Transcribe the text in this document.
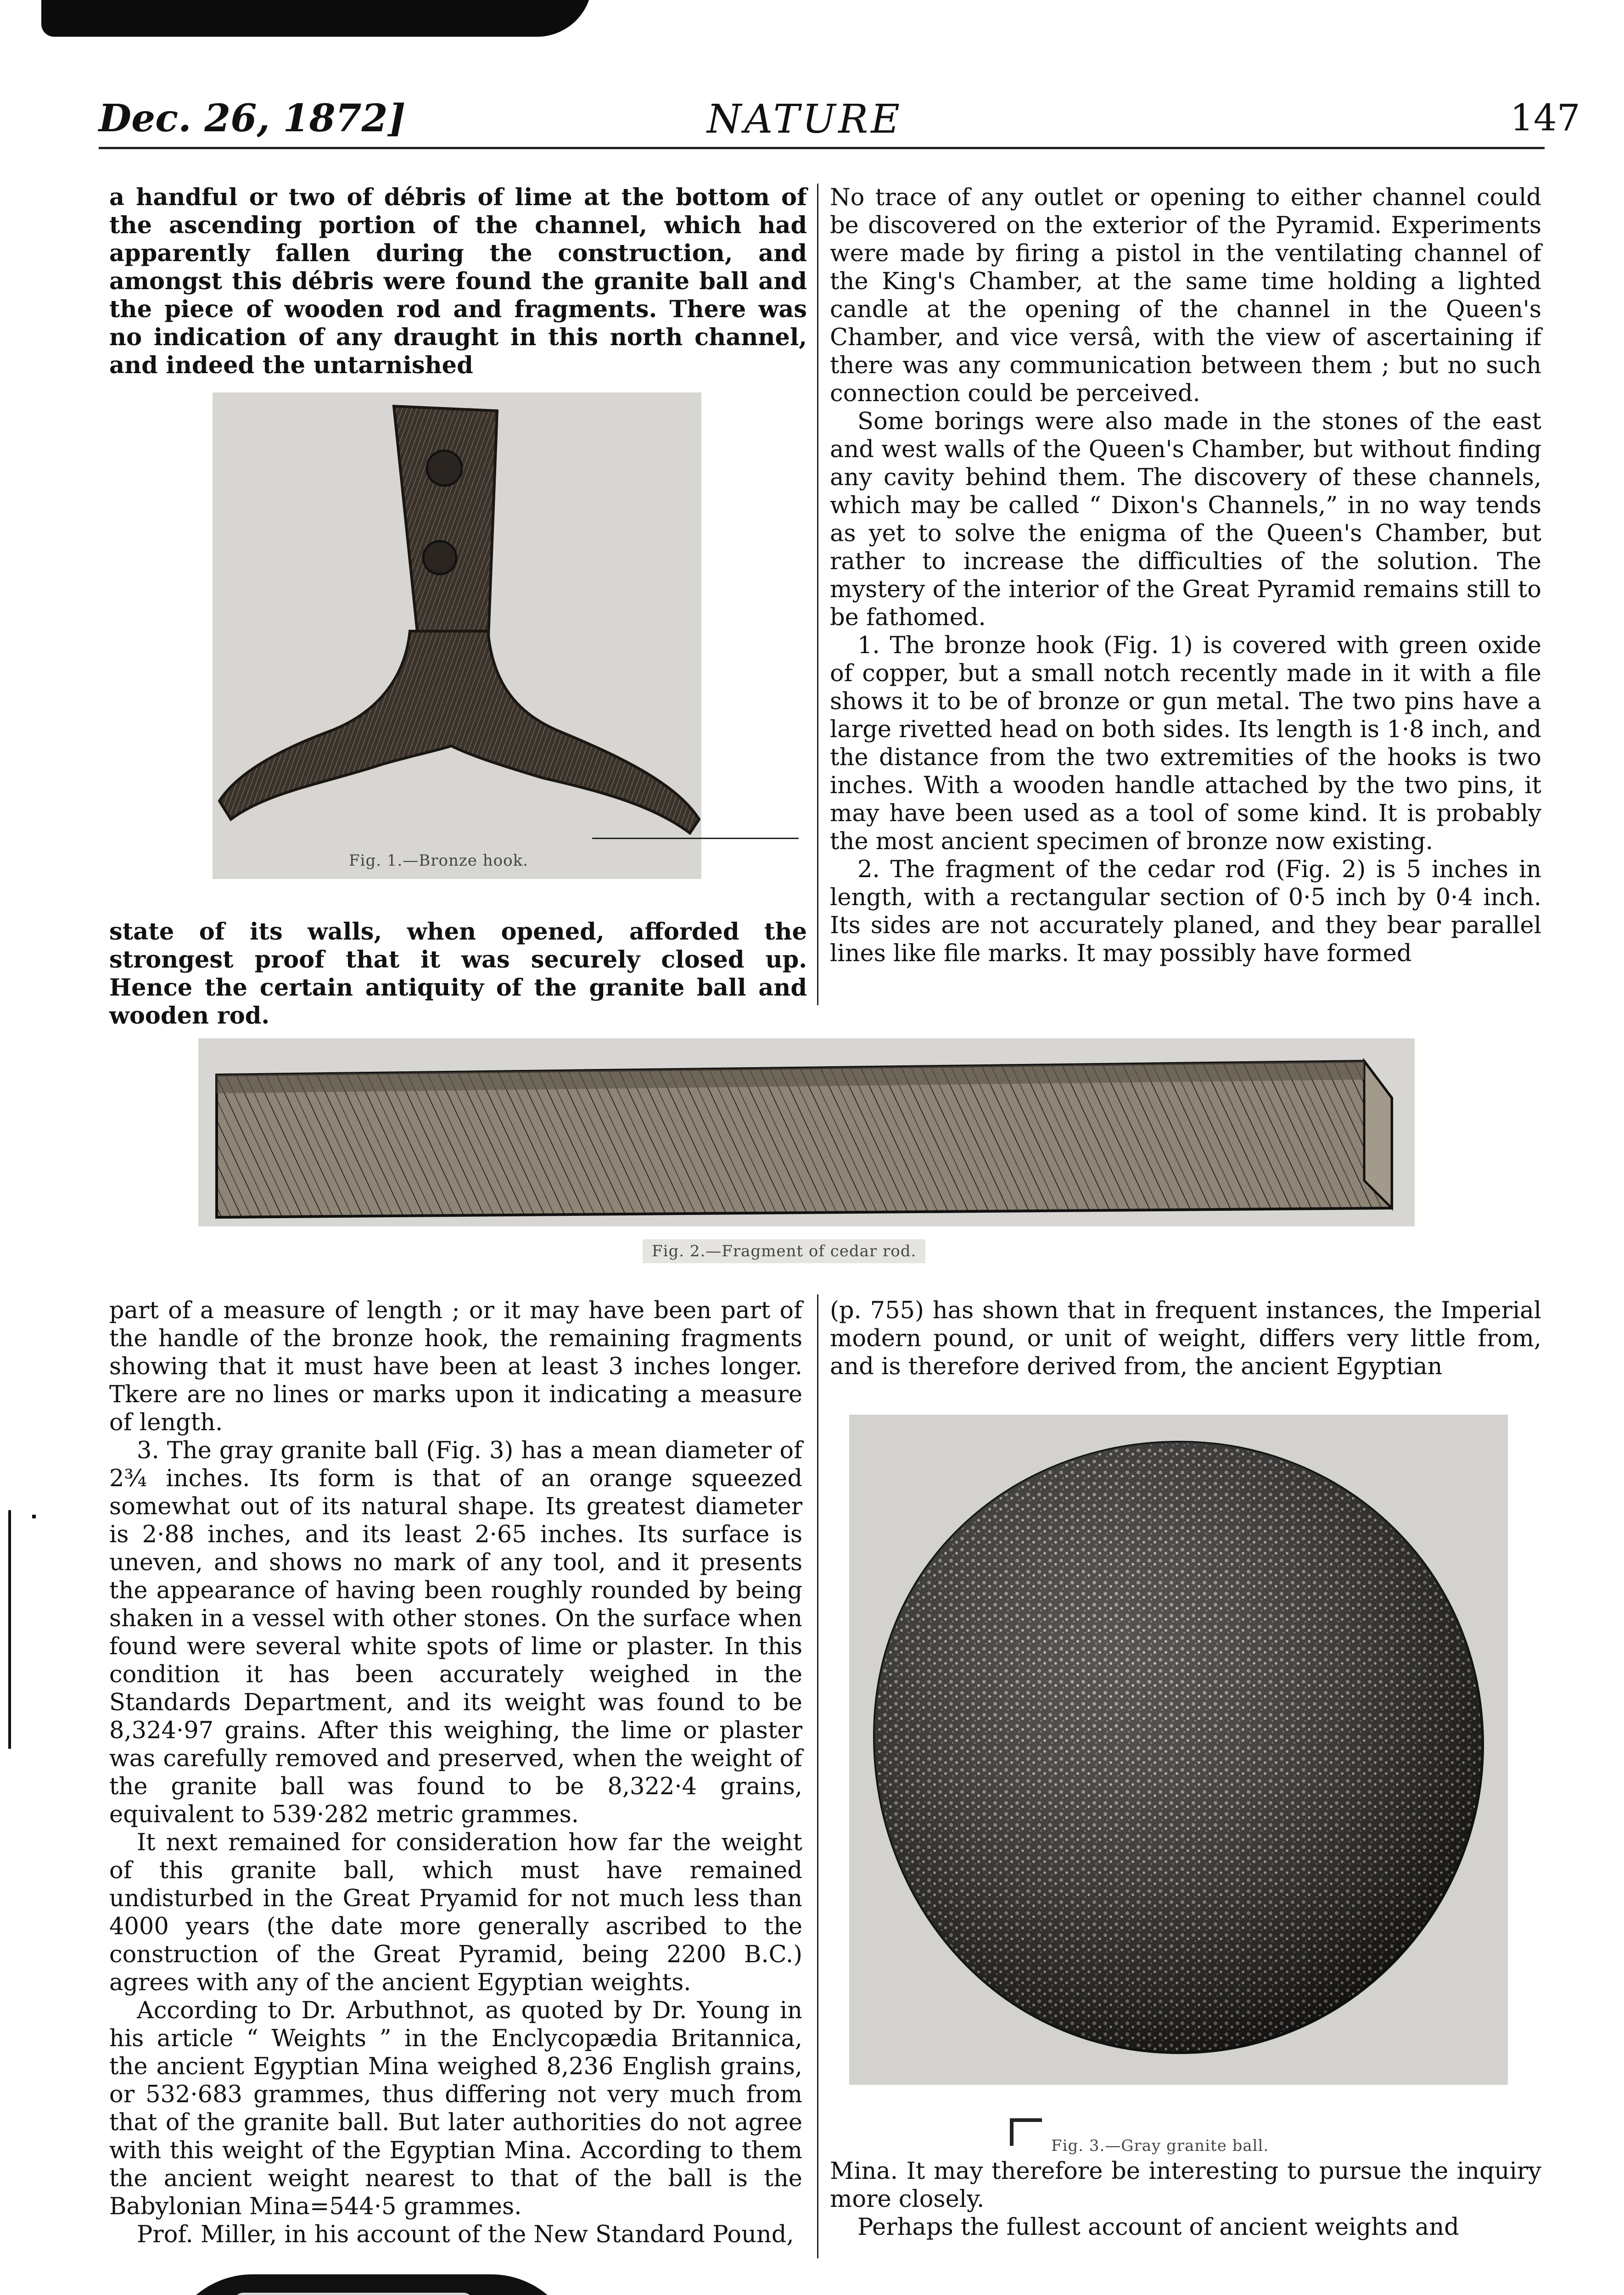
Dec. 26, 1872]	NATURE	147

a handful or two of débris of lime at the bottom of the ascending portion of the channel, which had apparently fallen during the construction, and amongst this débris were found the granite ball and the piece of wooden rod and fragments. There was no indication of any draught in this north channel, and indeed the untarnished

Fig. 1.—Bronze hook.

state of its walls, when opened, afforded the strongest proof that it was securely closed up. Hence the certain antiquity of the granite ball and wooden rod.

No trace of any outlet or opening to either channel could be discovered on the exterior of the Pyramid. Experiments were made by firing a pistol in the ventilating channel of the King's Chamber, at the same time holding a lighted candle at the opening of the channel in the Queen's Chamber, and vice versâ, with the view of ascertaining if there was any communication between them ; but no such connection could be perceived.

Some borings were also made in the stones of the east and west walls of the Queen's Chamber, but without finding any cavity behind them. The discovery of these channels, which may be called “ Dixon's Channels,” in no way tends as yet to solve the enigma of the Queen's Chamber, but rather to increase the difficulties of the solution. The mystery of the interior of the Great Pyramid remains still to be fathomed.

1. The bronze hook (Fig. 1) is covered with green oxide of copper, but a small notch recently made in it with a file shows it to be of bronze or gun metal. The two pins have a large rivetted head on both sides. Its length is 1·8 inch, and the distance from the two extremities of the hooks is two inches. With a wooden handle attached by the two pins, it may have been used as a tool of some kind. It is probably the most ancient specimen of bronze now existing.

2. The fragment of the cedar rod (Fig. 2) is 5 inches in length, with a rectangular section of 0·5 inch by 0·4 inch. Its sides are not accurately planed, and they bear parallel lines like file marks. It may possibly have formed

Fig. 2.—Fragment of cedar rod.

part of a measure of length ; or it may have been part of the handle of the bronze hook, the remaining fragments showing that it must have been at least 3 inches longer. Tkere are no lines or marks upon it indicating a measure of length.

3. The gray granite ball (Fig. 3) has a mean diameter of 2¾ inches. Its form is that of an orange squeezed somewhat out of its natural shape. Its greatest diameter is 2·88 inches, and its least 2·65 inches. Its surface is uneven, and shows no mark of any tool, and it presents the appearance of having been roughly rounded by being shaken in a vessel with other stones. On the surface when found were several white spots of lime or plaster. In this condition it has been accurately weighed in the Standards Department, and its weight was found to be 8,324·97 grains. After this weighing, the lime or plaster was carefully removed and preserved, when the weight of the granite ball was found to be 8,322·4 grains, equivalent to 539·282 metric grammes.

It next remained for consideration how far the weight of this granite ball, which must have remained undisturbed in the Great Pryamid for not much less than 4000 years (the date more generally ascribed to the construction of the Great Pyramid, being 2200 B.C.) agrees with any of the ancient Egyptian weights.

According to Dr. Arbuthnot, as quoted by Dr. Young in his article “ Weights ” in the Enclycopædia Britannica, the ancient Egyptian Mina weighed 8,236 English grains, or 532·683 grammes, thus differing not very much from that of the granite ball. But later authorities do not agree with this weight of the Egyptian Mina. According to them the ancient weight nearest to that of the ball is the Babylonian Mina=544·5 grammes.

Prof. Miller, in his account of the New Standard Pound,

(p. 755) has shown that in frequent instances, the Imperial modern pound, or unit of weight, differs very little from, and is therefore derived from, the ancient Egyptian

Fig. 3.—Gray granite ball.

Mina. It may therefore be interesting to pursue the inquiry more closely.

Perhaps the fullest account of ancient weights and
